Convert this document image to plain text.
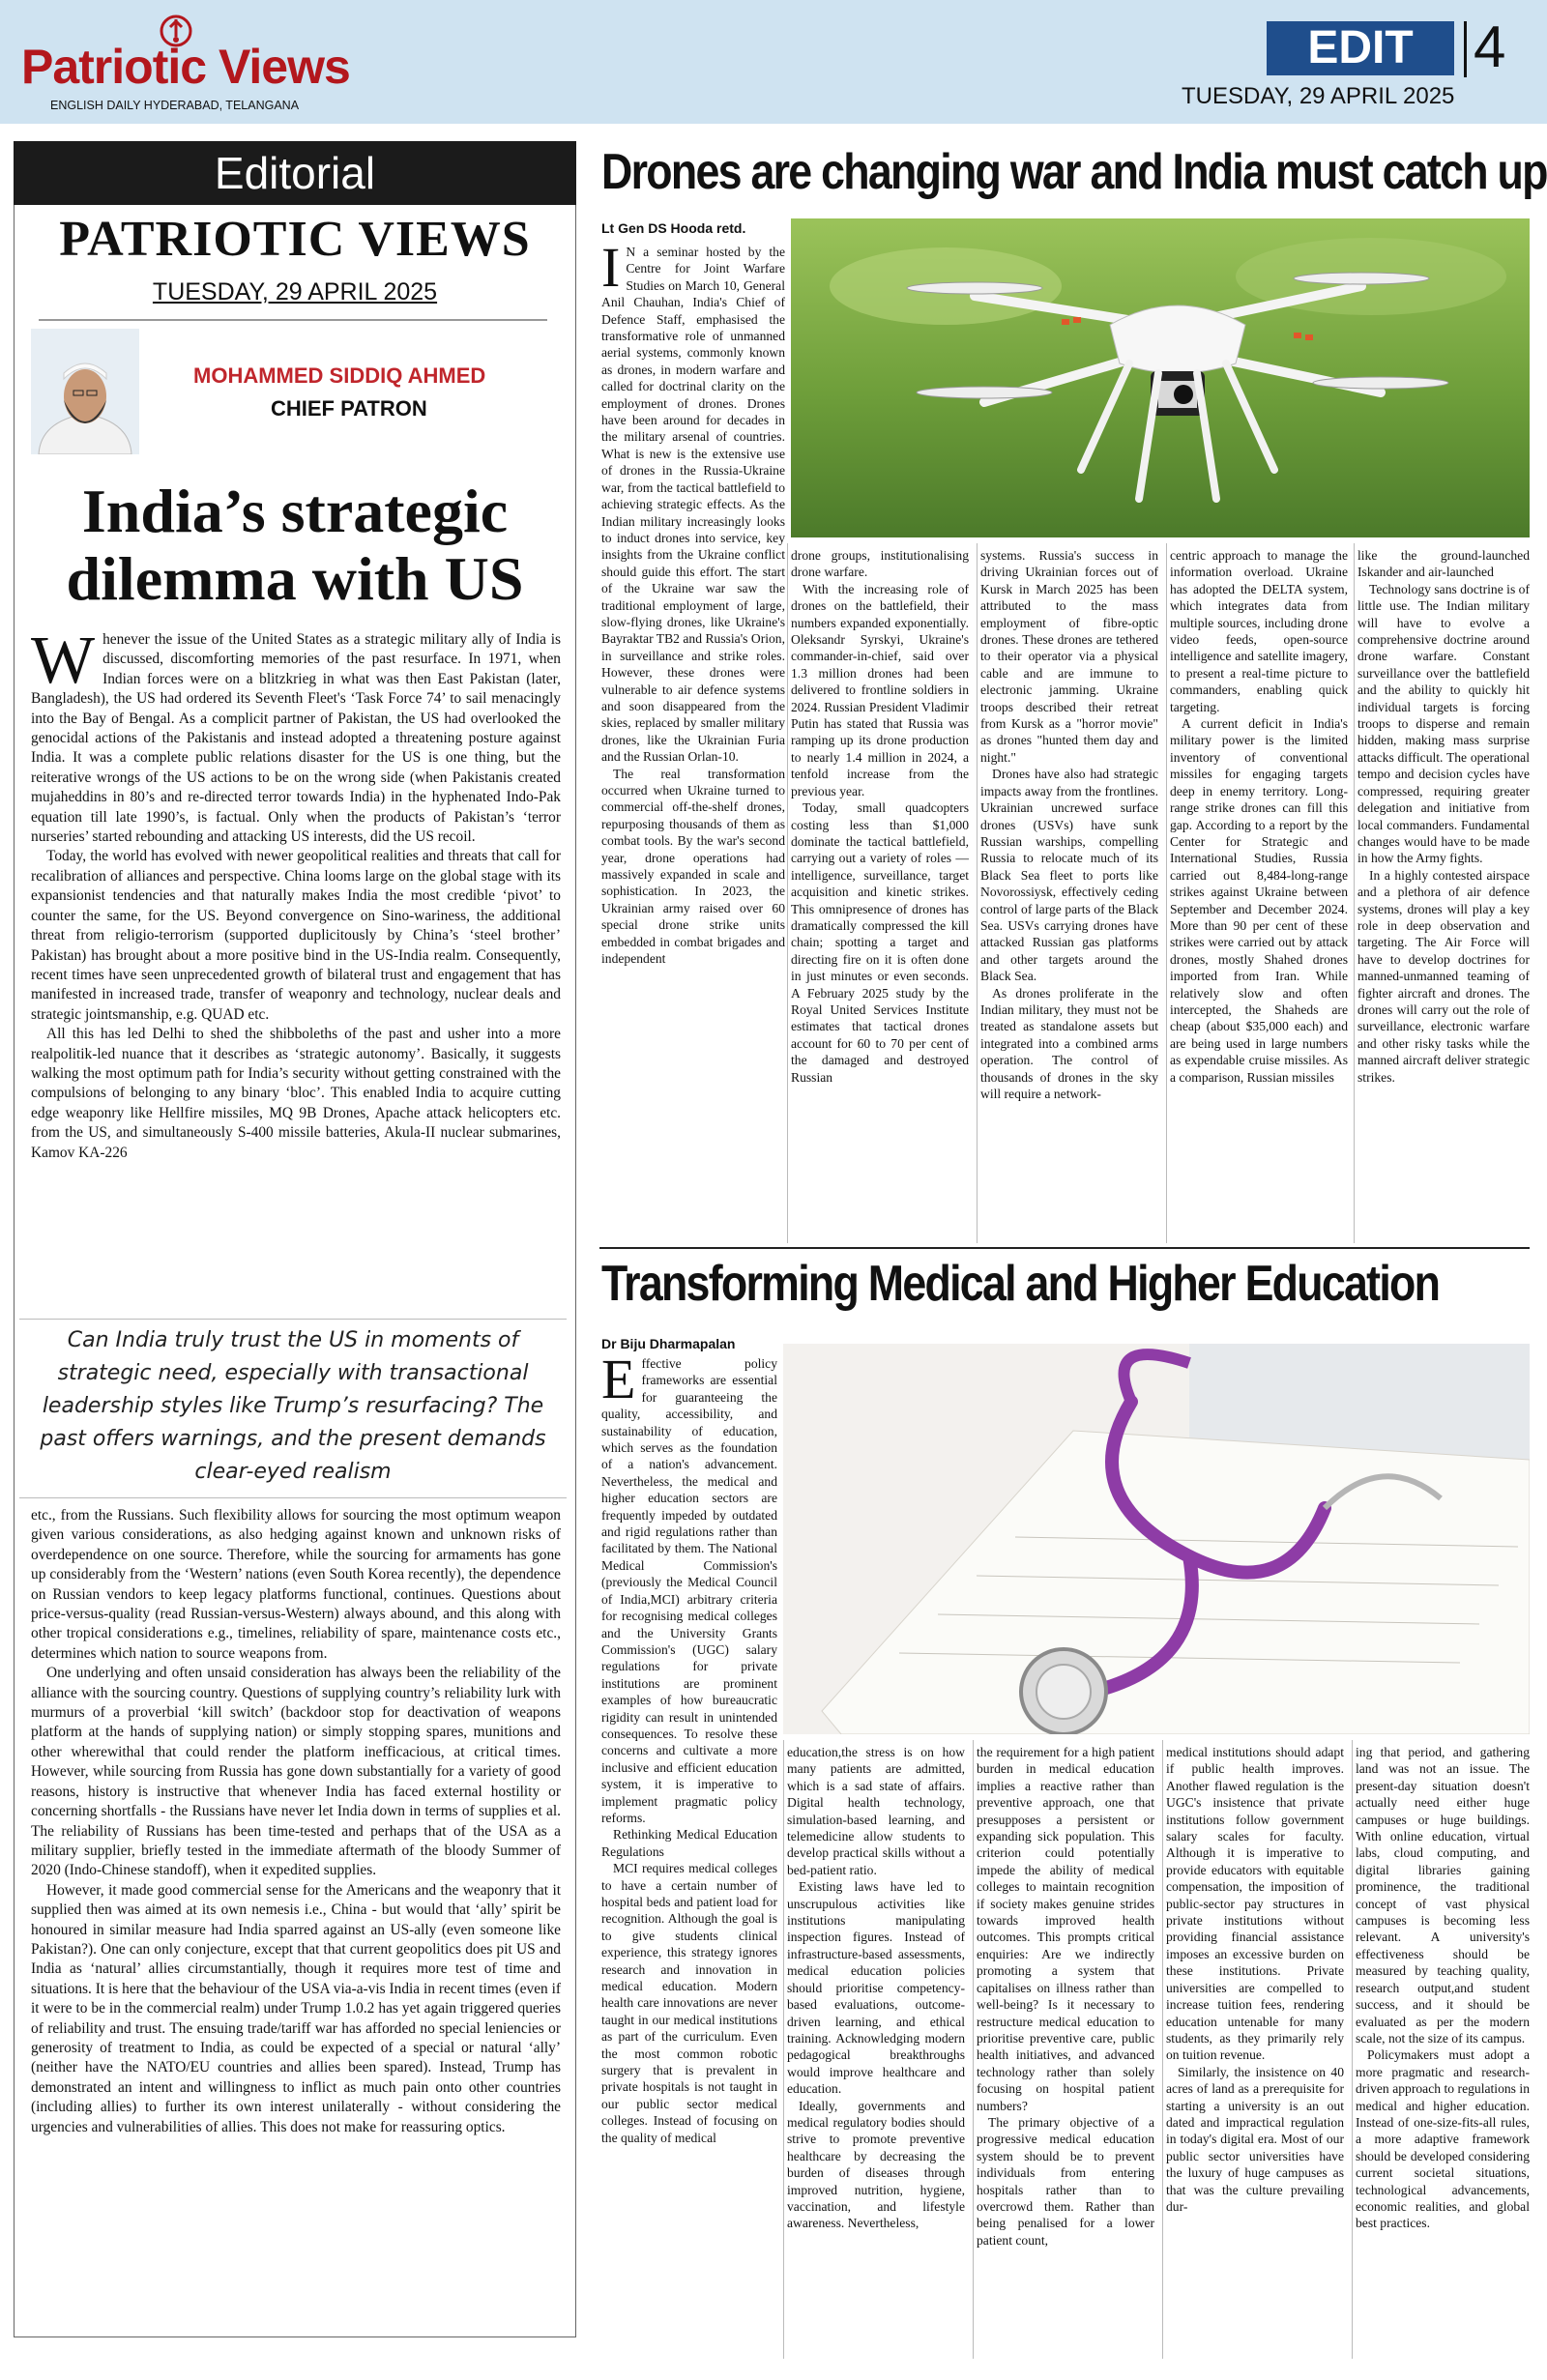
Patriotic Views
ENGLISH DAILY HYDERABAD, TELANGANA
EDIT	4
TUESDAY, 29 APRIL 2025
Editorial
PATRIOTIC VIEWS
TUESDAY, 29 APRIL 2025
MOHAMMED SIDDIQ AHMED
CHIEF PATRON
India’s strategic
dilemma with US

Whenever the issue of the United States as a strategic military ally of India is discussed, discomforting memories of the past resurface. In 1971, when Indian forces were on a blitzkrieg in what was then East Pakistan (later, Bangladesh), the US had ordered its Seventh Fleet's ‘Task Force 74’ to sail menacingly into the Bay of Bengal. As a complicit partner of Pakistan, the US had overlooked the genocidal actions of the Pakistanis and instead adopted a threatening posture against India. It was a complete public relations disaster for the US is one thing, but the reiterative wrongs of the US actions to be on the wrong side (when Pakistanis created mujaheddins in 80’s and re-directed terror towards India) in the hyphenated Indo-Pak equation till late 1990’s, is factual. Only when the products of Pakistan’s ‘terror nurseries’ started rebounding and attacking US interests, did the US recoil.

Today, the world has evolved with newer geopolitical realities and threats that call for recalibration of alliances and perspective. China looms large on the global stage with its expansionist tendencies and that naturally makes India the most credible ‘pivot’ to counter the same, for the US. Beyond convergence on Sino-wariness, the additional threat from religio-terrorism (supported duplicitously by China’s ‘steel brother’ Pakistan) has brought about a more positive bind in the US-India realm. Consequently, recent times have seen unprecedented growth of bilateral trust and engagement that has manifested in increased trade, transfer of weaponry and technology, nuclear deals and strategic jointsmanship, e.g. QUAD etc.

All this has led Delhi to shed the shibboleths of the past and usher into a more realpolitik-led nuance that it describes as ‘strategic autonomy’. Basically, it suggests walking the most optimum path for India’s security without getting constrained with the compulsions of belonging to any binary ‘bloc’. This enabled India to acquire cutting edge weaponry like Hellfire missiles, MQ 9B Drones, Apache attack helicopters etc. from the US, and simultaneously S-400 missile batteries, Akula-II nuclear submarines, Kamov KA-226

Can India truly trust the US in moments of strategic need, especially with transactional leadership styles like Trump’s resurfacing? The past offers warnings, and the present demands clear-eyed realism

etc., from the Russians. Such flexibility allows for sourcing the most optimum weapon given various considerations, as also hedging against known and unknown risks of overdependence on one source. Therefore, while the sourcing for armaments has gone up considerably from the ‘Western’ nations (even South Korea recently), the dependence on Russian vendors to keep legacy platforms functional, continues. Questions about price-versus-quality (read Russian-versus-Western) always abound, and this along with other tropical considerations e.g., timelines, reliability of spare, maintenance costs etc., determines which nation to source weapons from.

One underlying and often unsaid consideration has always been the reliability of the alliance with the sourcing country. Questions of supplying country’s reliability lurk with murmurs of a proverbial ‘kill switch’ (backdoor stop for deactivation of weapons platform at the hands of supplying nation) or simply stopping spares, munitions and other wherewithal that could render the platform inefficacious, at critical times. However, while sourcing from Russia has gone down substantially for a variety of good reasons, history is instructive that whenever India has faced external hostility or concerning shortfalls - the Russians have never let India down in terms of supplies et al. The reliability of Russians has been time-tested and perhaps that of the USA as a military supplier, briefly tested in the immediate aftermath of the bloody Summer of 2020 (Indo-Chinese standoff), when it expedited supplies.

However, it made good commercial sense for the Americans and the weaponry that it supplied then was aimed at its own nemesis i.e., China - but would that ‘ally’ spirit be honoured in similar measure had India sparred against an US-ally (even someone like Pakistan?). One can only conjecture, except that that current geopolitics does pit US and India as ‘natural’ allies circumstantially, though it requires more test of time and situations. It is here that the behaviour of the USA via-a-vis India in recent times (even if it were to be in the commercial realm) under Trump 1.0.2 has yet again triggered queries of reliability and trust. The ensuing trade/tariff war has afforded no special leniencies or generosity of treatment to India, as could be expected of a special or natural ‘ally’ (neither have the NATO/EU countries and allies been spared). Instead, Trump has demonstrated an intent and willingness to inflict as much pain onto other countries (including allies) to further its own interest unilaterally - without considering the urgencies and vulnerabilities of allies. This does not make for reassuring optics.

Drones are changing war and India must catch up
Lt Gen DS Hooda retd.

I N a seminar hosted by the Centre for Joint Warfare Studies on March 10, General Anil Chauhan, India's Chief of Defence Staff, emphasised the transformative role of unmanned aerial systems, commonly known as drones, in modern warfare and called for doctrinal clarity on the employment of drones. Drones have been around for decades in the military arsenal of countries. What is new is the extensive use of drones in the Russia-Ukraine war, from the tactical battlefield to achieving strategic effects. As the Indian military increasingly looks to induct drones into service, key insights from the Ukraine conflict should guide this effort. The start of the Ukraine war saw the traditional employment of large, slow-flying drones, like Ukraine's Bayraktar TB2 and Russia's Orion, in surveillance and strike roles. However, these drones were vulnerable to air defence systems and soon disappeared from the skies, replaced by smaller military drones, like the Ukrainian Furia and the Russian Orlan-10.

The real transformation occurred when Ukraine turned to commercial off-the-shelf drones, repurposing thousands of them as combat tools. By the war's second year, drone operations had massively expanded in scale and sophistication. In 2023, the Ukrainian army raised over 60 special drone strike units embedded in combat brigades and independent

drone groups, institutionalising drone warfare.

With the increasing role of drones on the battlefield, their numbers expanded exponentially. Oleksandr Syrskyi, Ukraine's commander-in-chief, said over 1.3 million drones had been delivered to frontline soldiers in 2024. Russian President Vladimir Putin has stated that Russia was ramping up its drone production to nearly 1.4 million in 2024, a tenfold increase from the previous year.

Today, small quadcopters costing less than $1,000 dominate the tactical battlefield, carrying out a variety of roles —intelligence, surveillance, target acquisition and kinetic strikes. This omnipresence of drones has dramatically compressed the kill chain; spotting a target and directing fire on it is often done in just minutes or even seconds. A February 2025 study by the Royal United Services Institute estimates that tactical drones account for 60 to 70 per cent of the damaged and destroyed Russian

systems. Russia's success in driving Ukrainian forces out of Kursk in March 2025 has been attributed to the mass employment of fibre-optic drones. These drones are tethered to their operator via a physical cable and are immune to electronic jamming. Ukraine troops described their retreat from Kursk as a "horror movie" as drones "hunted them day and night."

Drones have also had strategic impacts away from the frontlines. Ukrainian uncrewed surface drones (USVs) have sunk Russian warships, compelling Russia to relocate much of its Black Sea fleet to ports like Novorossiysk, effectively ceding control of large parts of the Black Sea. USVs carrying drones have attacked Russian gas platforms and other targets around the Black Sea.

As drones proliferate in the Indian military, they must not be treated as standalone assets but integrated into a combined arms operation. The control of thousands of drones in the sky will require a network-

centric approach to manage the information overload. Ukraine has adopted the DELTA system, which integrates data from multiple sources, including drone video feeds, open-source intelligence and satellite imagery, to present a real-time picture to commanders, enabling quick targeting.

A current deficit in India's military power is the limited inventory of conventional missiles for engaging targets deep in enemy territory. Long-range strike drones can fill this gap. According to a report by the Center for Strategic and International Studies, Russia carried out 8,484-long-range strikes against Ukraine between September and December 2024. More than 90 per cent of these strikes were carried out by attack drones, mostly Shahed drones imported from Iran. While relatively slow and often intercepted, the Shaheds are cheap (about $35,000 each) and are being used in large numbers as expendable cruise missiles. As a comparison, Russian missiles

like the ground-launched Iskander and air-launched

Technology sans doctrine is of little use. The Indian military will have to evolve a comprehensive doctrine around drone warfare. Constant surveillance over the battlefield and the ability to quickly hit individual targets is forcing troops to disperse and remain hidden, making mass surprise attacks difficult. The operational tempo and decision cycles have compressed, requiring greater delegation and initiative from local commanders. Fundamental changes would have to be made in how the Army fights.

In a highly contested airspace and a plethora of air defence systems, drones will play a key role in deep observation and targeting. The Air Force will have to develop doctrines for manned-unmanned teaming of fighter aircraft and drones. The drones will carry out the role of surveillance, electronic warfare and other risky tasks while the manned aircraft deliver strategic strikes.

Transforming Medical and Higher Education
Dr Biju Dharmapalan

Effective policy frameworks are essential for guaranteeing the quality, accessibility, and sustainability of education, which serves as the foundation of a nation's advancement. Nevertheless, the medical and higher education sectors are frequently impeded by outdated and rigid regulations rather than facilitated by them. The National Medical Commission's (previously the Medical Council of India,MCI) arbitrary criteria for recognising medical colleges and the University Grants Commission's (UGC) salary regulations for private institutions are prominent examples of how bureaucratic rigidity can result in unintended consequences. To resolve these concerns and cultivate a more inclusive and efficient education system, it is imperative to implement pragmatic policy reforms.

Rethinking Medical Education Regulations

MCI requires medical colleges to have a certain number of hospital beds and patient load for recognition. Although the goal is to give students clinical experience, this strategy ignores research and innovation in medical education. Modern health care innovations are never taught in our medical institutions as part of the curriculum. Even the most common robotic surgery that is prevalent in private hospitals is not taught in our public sector medical colleges. Instead of focusing on the quality of medical

education,the stress is on how many patients are admitted, which is a sad state of affairs. Digital health technology, simulation-based learning, and telemedicine allow students to develop practical skills without a bed-patient ratio.

Existing laws have led to unscrupulous activities like institutions manipulating inspection figures. Instead of infrastructure-based assessments, medical education policies should prioritise competency-based evaluations, outcome-driven learning, and ethical training. Acknowledging modern pedagogical breakthroughs would improve healthcare and education.

Ideally, governments and medical regulatory bodies should strive to promote preventive healthcare by decreasing the burden of diseases through improved nutrition, hygiene, vaccination, and lifestyle awareness. Nevertheless,

the requirement for a high patient burden in medical education implies a reactive rather than preventive approach, one that presupposes a persistent or expanding sick population. This criterion could potentially impede the ability of medical colleges to maintain recognition if society makes genuine strides towards improved health outcomes. This prompts critical enquiries: Are we indirectly promoting a system that capitalises on illness rather than well-being? Is it necessary to restructure medical education to prioritise preventive care, public health initiatives, and advanced technology rather than solely focusing on hospital patient numbers?

The primary objective of a progressive medical education system should be to prevent individuals from entering hospitals rather than to overcrowd them. Rather than being penalised for a lower patient count,

medical institutions should adapt if public health improves. Another flawed regulation is the UGC's insistence that private institutions follow government salary scales for faculty. Although it is imperative to provide educators with equitable compensation, the imposition of public-sector pay structures in private institutions without providing financial assistance imposes an excessive burden on these institutions. Private universities are compelled to increase tuition fees, rendering education untenable for many students, as they primarily rely on tuition revenue.

Similarly, the insistence on 40 acres of land as a prerequisite for starting a university is an out dated and impractical regulation in today's digital era. Most of our public sector universities have the luxury of huge campuses as that was the culture prevailing dur-

ing that period, and gathering land was not an issue. The present-day situation doesn't actually need either huge campuses or huge buildings. With online education, virtual labs, cloud computing, and digital libraries gaining prominence, the traditional concept of vast physical campuses is becoming less relevant. A university's effectiveness should be measured by teaching quality, research output,and student success, and it should be evaluated as per the modern scale, not the size of its campus.

Policymakers must adopt a more pragmatic and research-driven approach to regulations in medical and higher education. Instead of one-size-fits-all rules, a more adaptive framework should be developed considering current societal situations, technological advancements, economic realities, and global best practices.
